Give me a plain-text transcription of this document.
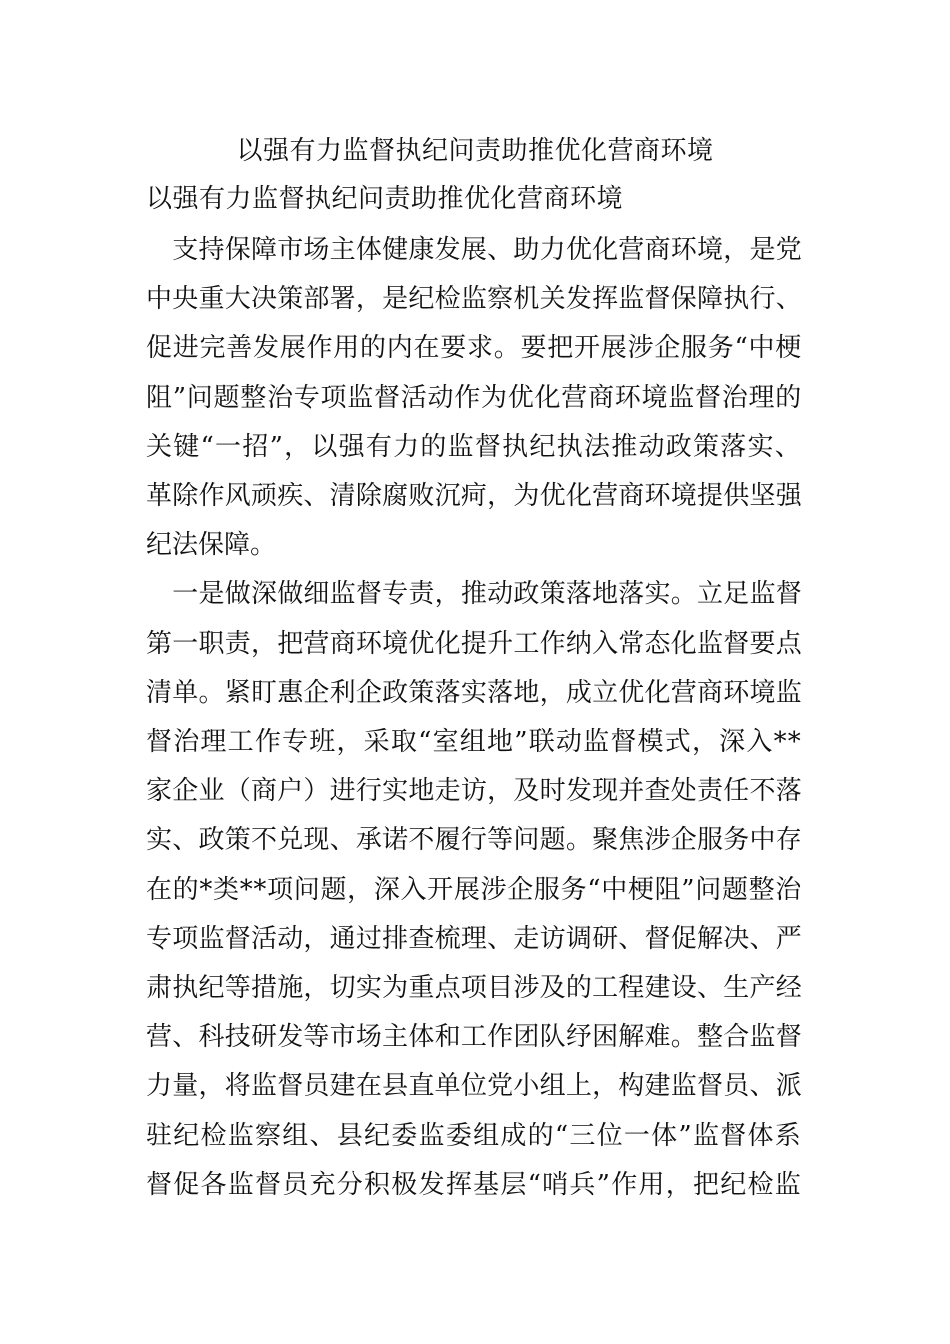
以强有力监督执纪问责助推优化营商环境
以强有力监督执纪问责助推优化营商环境

　支持保障市场主体健康发展、助力优化营商环境，是党

中央重大决策部署，是纪检监察机关发挥监督保障执行、

促进完善发展作用的内在要求。要把开展涉企服务“中梗

阻”问题整治专项监督活动作为优化营商环境监督治理的

关键“一招”，以强有力的监督执纪执法推动政策落实、

革除作风顽疾、清除腐败沉疴，为优化营商环境提供坚强

纪法保障。

　一是做深做细监督专责，推动政策落地落实。立足监督

第一职责，把营商环境优化提升工作纳入常态化监督要点

清单。紧盯惠企利企政策落实落地，成立优化营商环境监

督治理工作专班，采取“室组地”联动监督模式，深入**

家企业（商户）进行实地走访，及时发现并查处责任不落

实、政策不兑现、承诺不履行等问题。聚焦涉企服务中存

在的*类**项问题，深入开展涉企服务“中梗阻”问题整治

专项监督活动，通过排查梳理、走访调研、督促解决、严

肃执纪等措施，切实为重点项目涉及的工程建设、生产经

营、科技研发等市场主体和工作团队纾困解难。整合监督

力量，将监督员建在县直单位党小组上，构建监督员、派

驻纪检监察组、县纪委监委组成的“三位一体”监督体系

督促各监督员充分积极发挥基层“哨兵”作用，把纪检监
